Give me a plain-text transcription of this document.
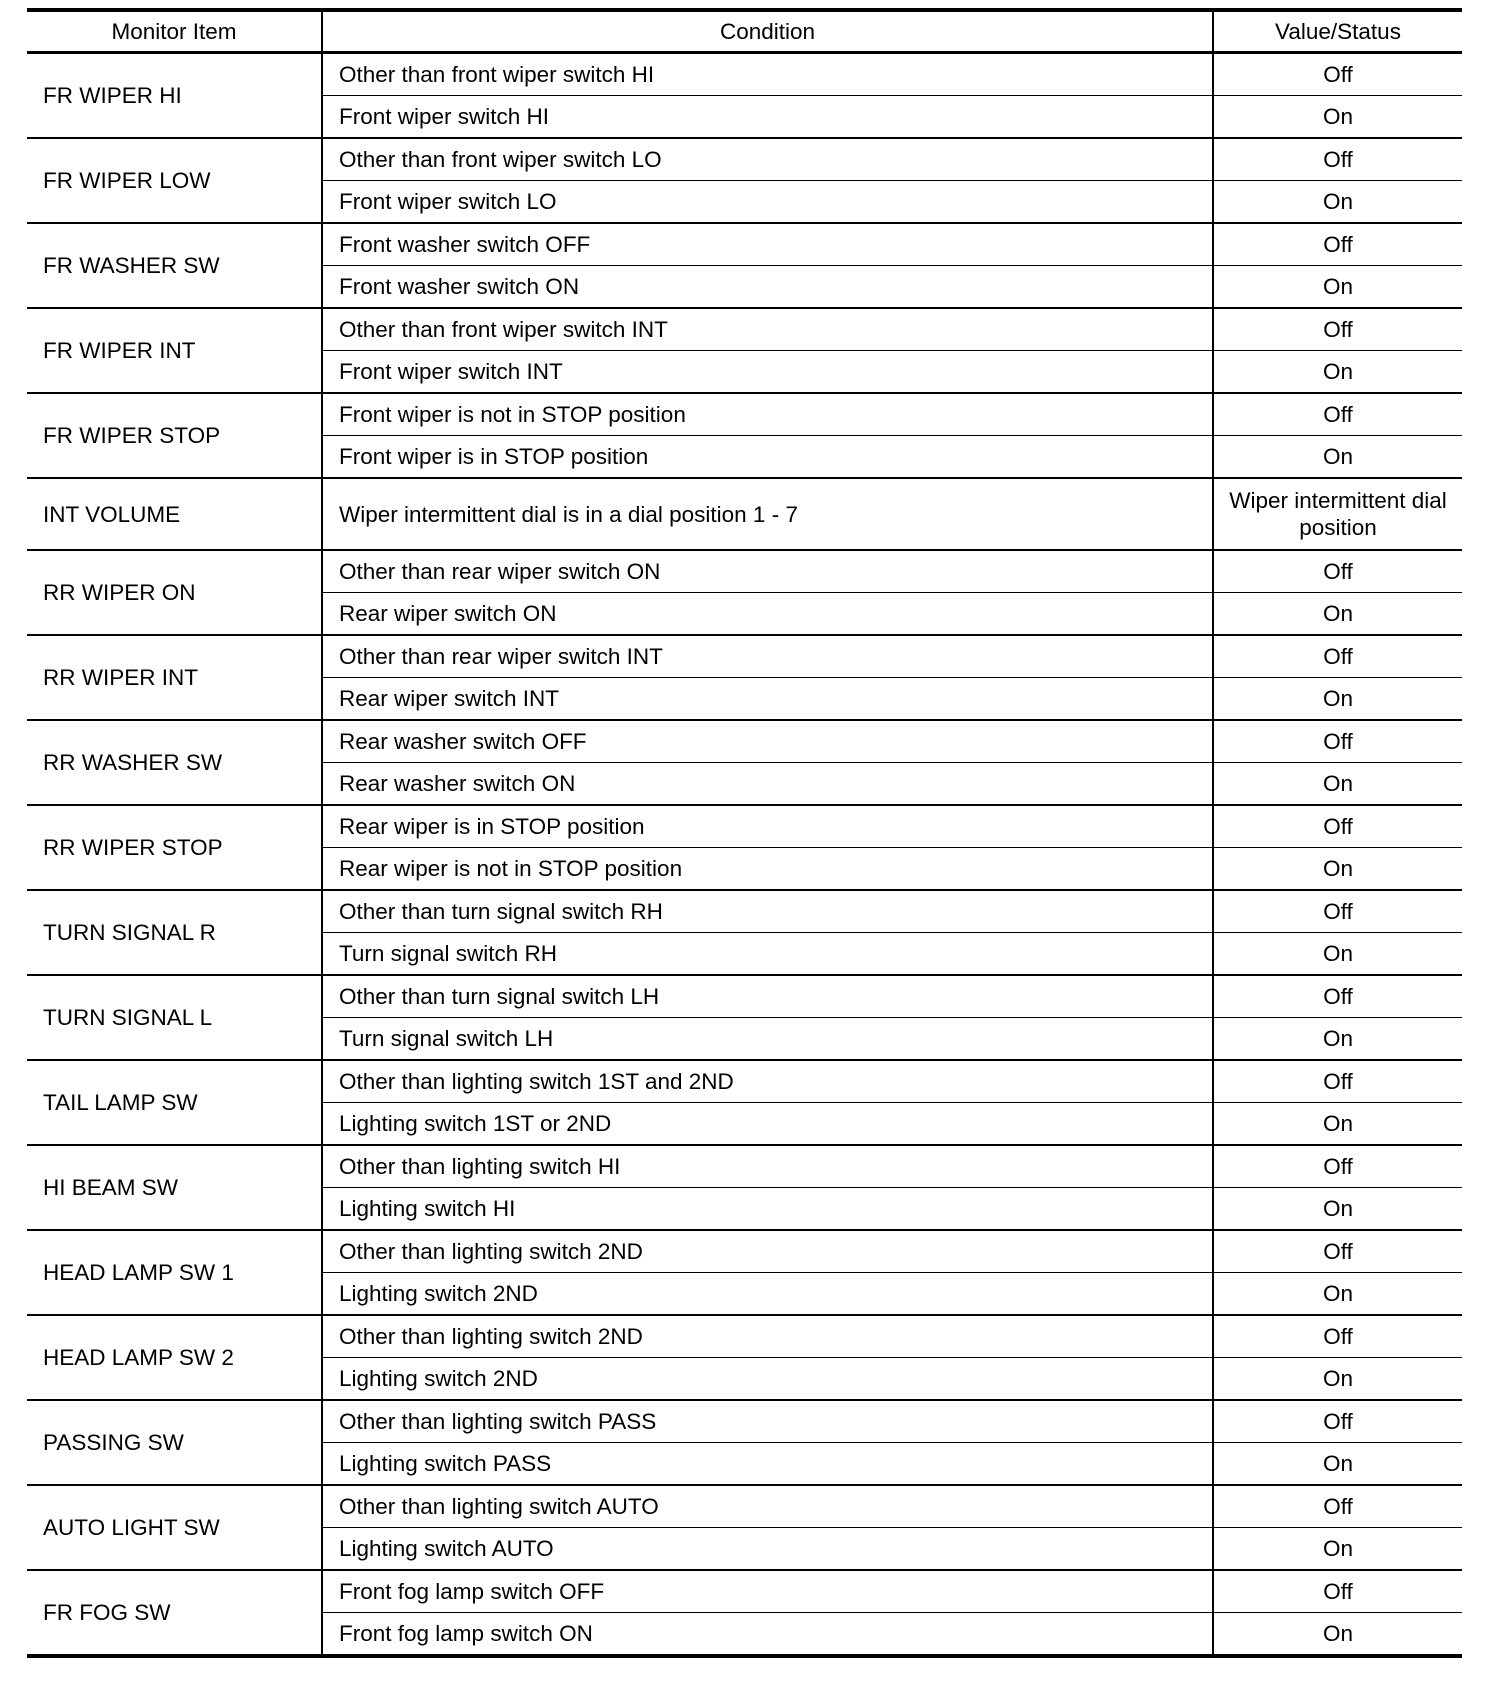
Monitor Item	Condition	Value/Status
FR WIPER HI	Other than front wiper switch HI	Off
	Front wiper switch HI	On
FR WIPER LOW	Other than front wiper switch LO	Off
	Front wiper switch LO	On
FR WASHER SW	Front washer switch OFF	Off
	Front washer switch ON	On
FR WIPER INT	Other than front wiper switch INT	Off
	Front wiper switch INT	On
FR WIPER STOP	Front wiper is not in STOP position	Off
	Front wiper is in STOP position	On
INT VOLUME	Wiper intermittent dial is in a dial position 1 - 7	Wiper intermittent dial position
RR WIPER ON	Other than rear wiper switch ON	Off
	Rear wiper switch ON	On
RR WIPER INT	Other than rear wiper switch INT	Off
	Rear wiper switch INT	On
RR WASHER SW	Rear washer switch OFF	Off
	Rear washer switch ON	On
RR WIPER STOP	Rear wiper is in STOP position	Off
	Rear wiper is not in STOP position	On
TURN SIGNAL R	Other than turn signal switch RH	Off
	Turn signal switch RH	On
TURN SIGNAL L	Other than turn signal switch LH	Off
	Turn signal switch LH	On
TAIL LAMP SW	Other than lighting switch 1ST and 2ND	Off
	Lighting switch 1ST or 2ND	On
HI BEAM SW	Other than lighting switch HI	Off
	Lighting switch HI	On
HEAD LAMP SW 1	Other than lighting switch 2ND	Off
	Lighting switch 2ND	On
HEAD LAMP SW 2	Other than lighting switch 2ND	Off
	Lighting switch 2ND	On
PASSING SW	Other than lighting switch PASS	Off
	Lighting switch PASS	On
AUTO LIGHT SW	Other than lighting switch AUTO	Off
	Lighting switch AUTO	On
FR FOG SW	Front fog lamp switch OFF	Off
	Front fog lamp switch ON	On
